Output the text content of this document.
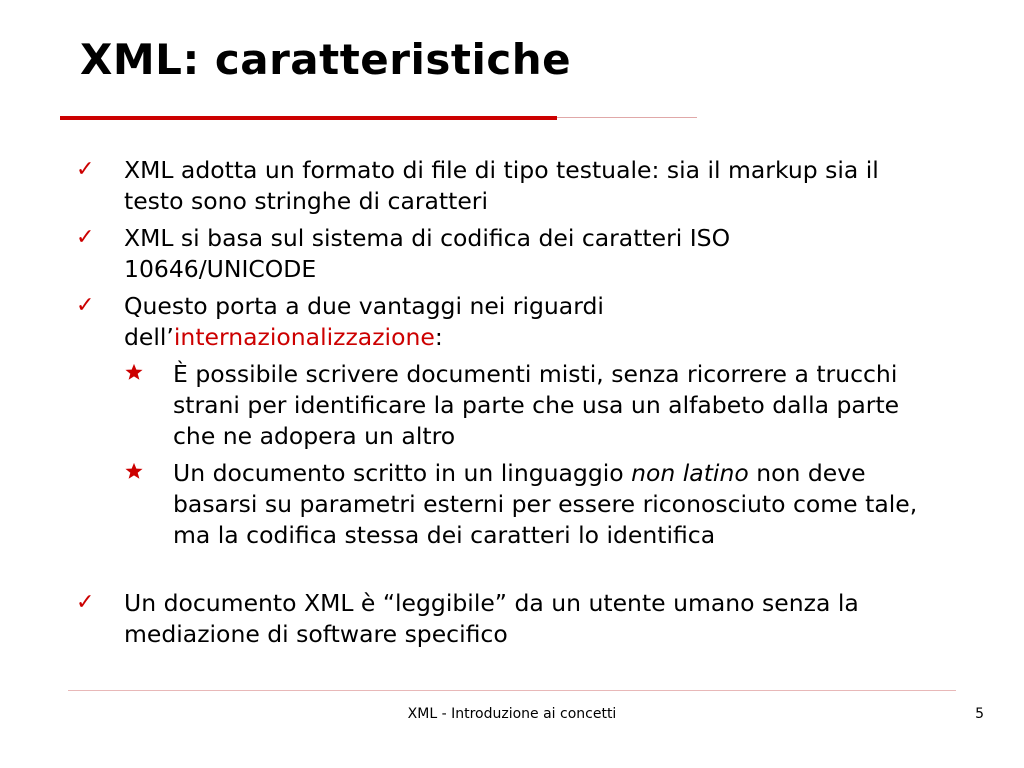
XML: caratteristiche
✓ XML adotta un formato di file di tipo testuale: sia il markup sia il testo sono stringhe di caratteri
✓ XML si basa sul sistema di codifica dei caratteri ISO 10646/UNICODE
✓ Questo porta a due vantaggi nei riguardi dell’internazionalizzazione:
È possibile scrivere documenti misti, senza ricorrere a trucchi strani per identificare la parte che usa un alfabeto dalla parte che ne adopera un altro
Un documento scritto in un linguaggio non latino non deve basarsi su parametri esterni per essere riconosciuto come tale, ma la codifica stessa dei caratteri lo identifica
✓ Un documento XML è “leggibile” da un utente umano senza la mediazione di software specifico
XML - Introduzione ai concetti	5
